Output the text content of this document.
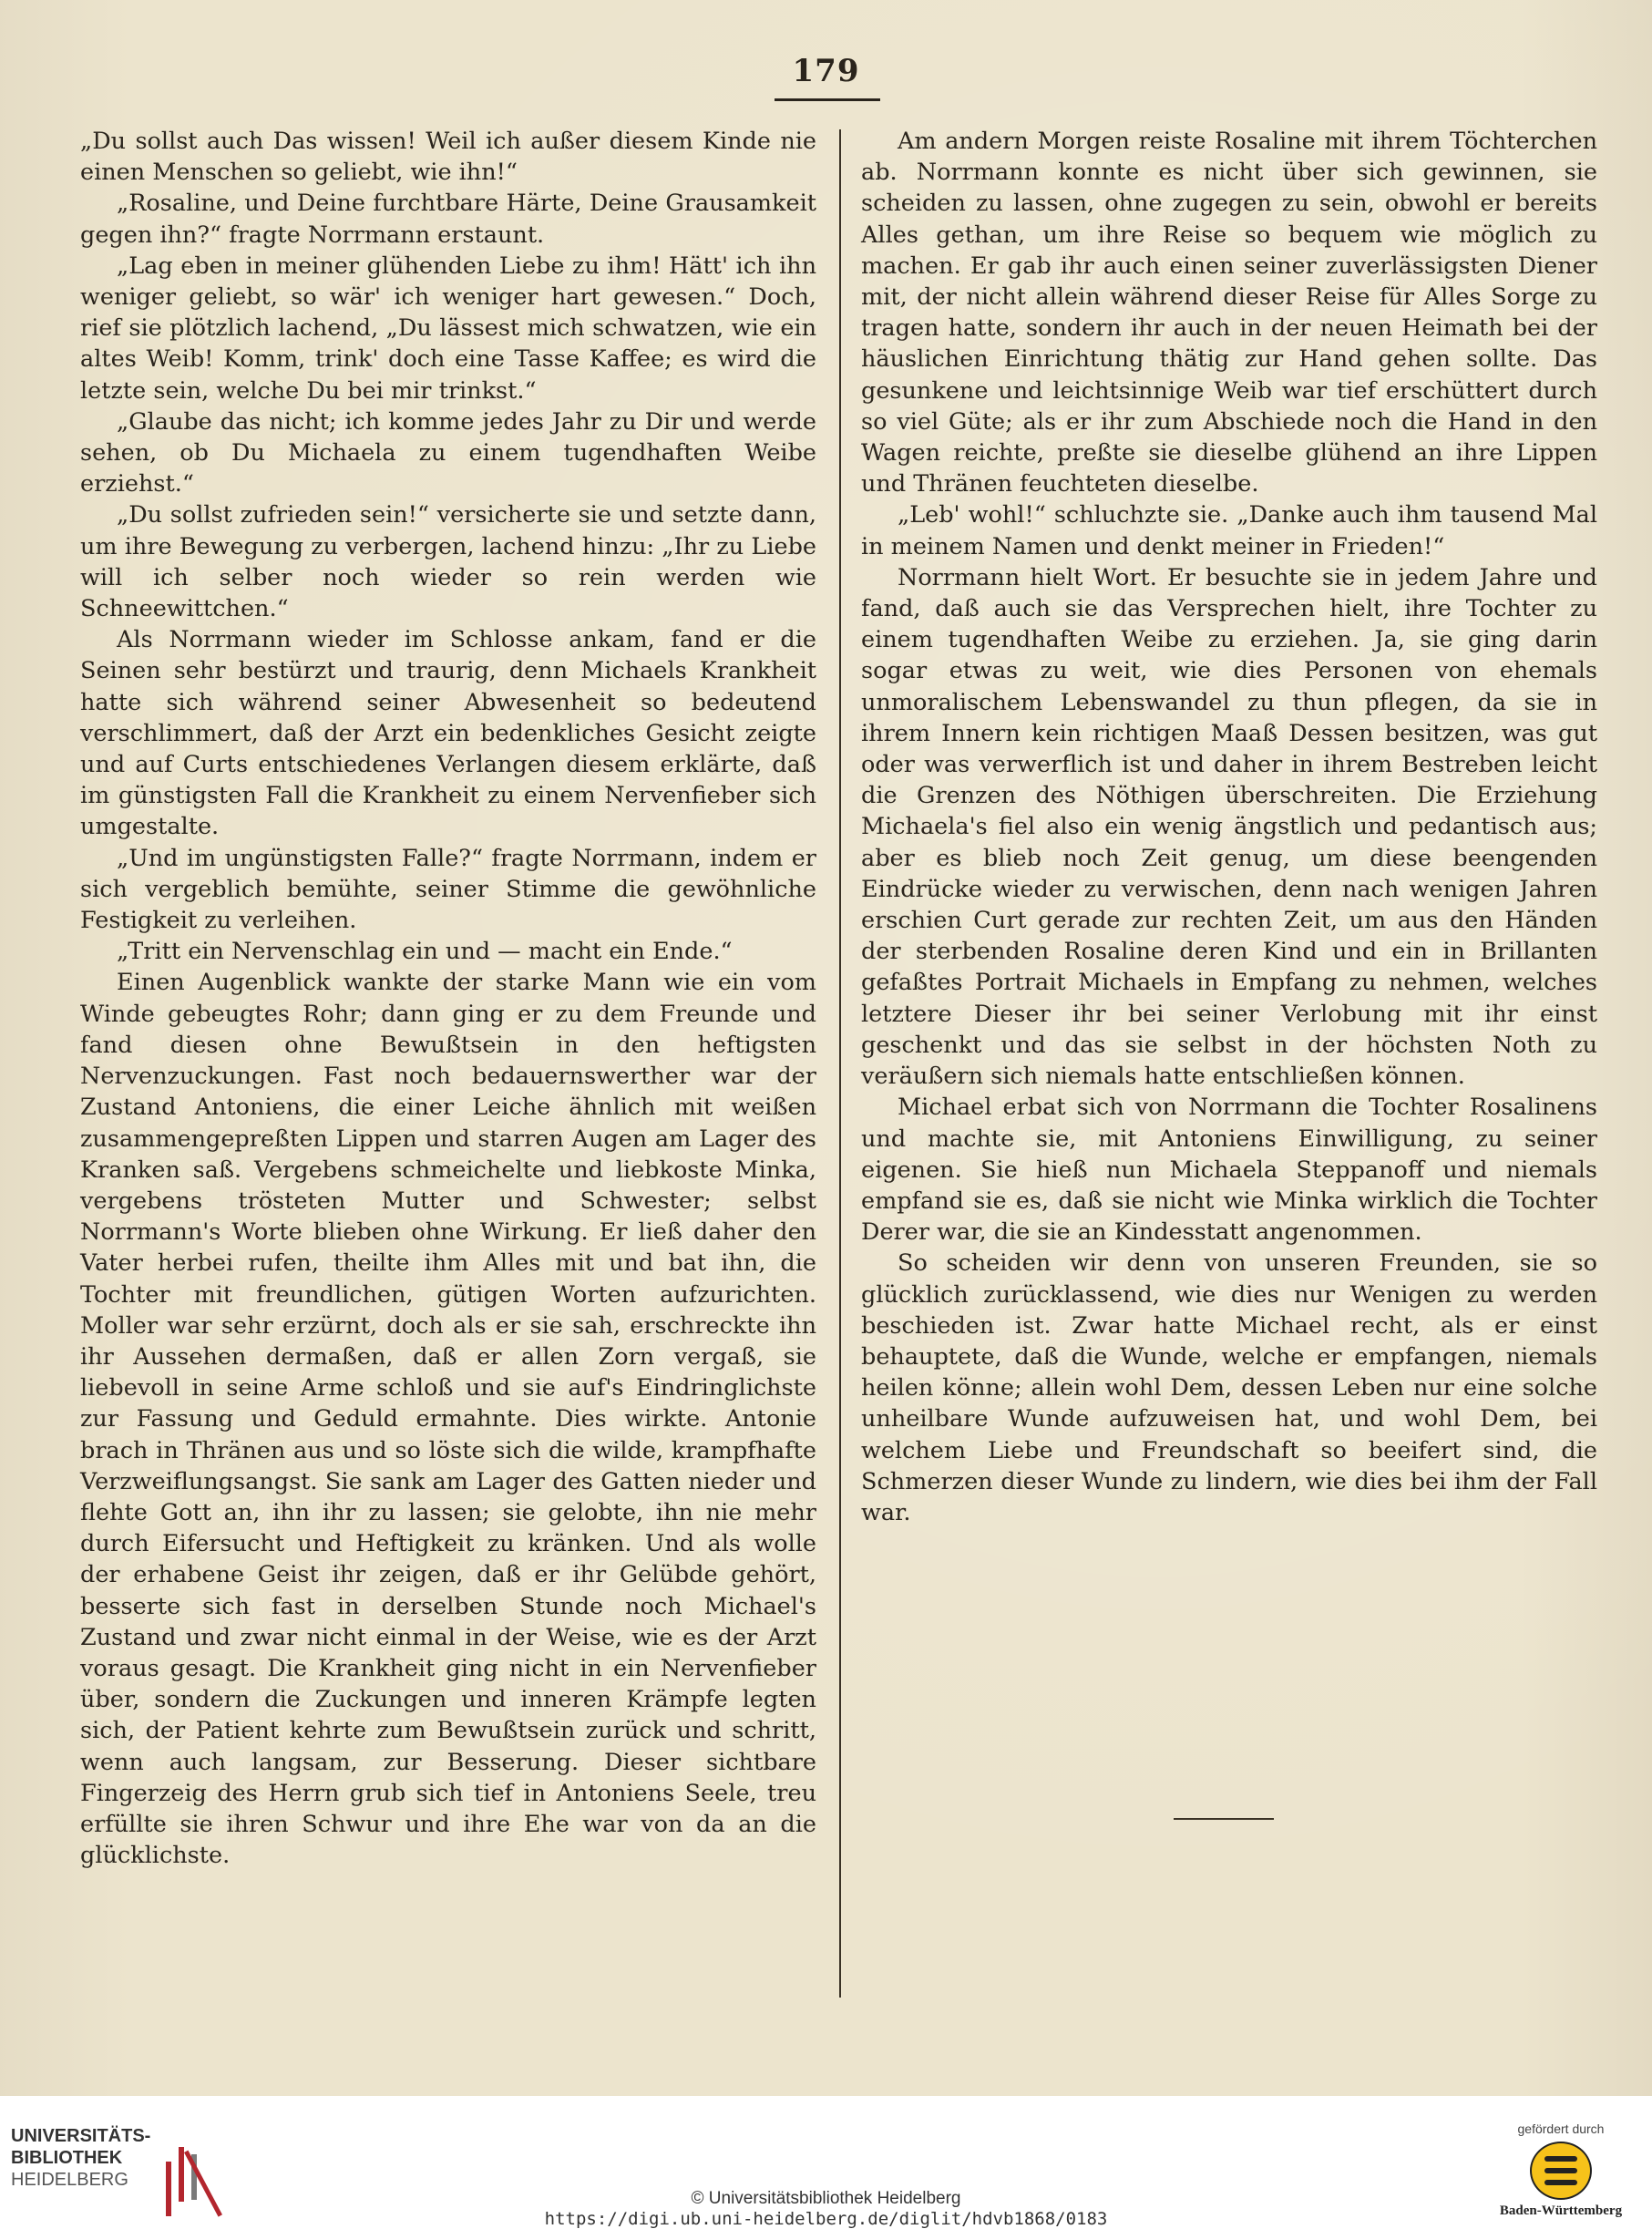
179

„Du sollst auch Das wissen! Weil ich außer diesem Kinde nie einen Menschen so geliebt, wie ihn!“

„Rosaline, und Deine furchtbare Härte, Deine Grausamkeit gegen ihn?“ fragte Norrmann erstaunt.

„Lag eben in meiner glühenden Liebe zu ihm! Hätt' ich ihn weniger geliebt, so wär' ich weniger hart gewesen.“ Doch, rief sie plötzlich lachend, „Du lässest mich schwatzen, wie ein altes Weib! Komm, trink' doch eine Tasse Kaffee; es wird die letzte sein, welche Du bei mir trinkst.“

„Glaube das nicht; ich komme jedes Jahr zu Dir und werde sehen, ob Du Michaela zu einem tugendhaften Weibe erziehst.“

„Du sollst zufrieden sein!“ versicherte sie und setzte dann, um ihre Bewegung zu verbergen, lachend hinzu: „Ihr zu Liebe will ich selber noch wieder so rein werden wie Schneewittchen.“

Als Norrmann wieder im Schlosse ankam, fand er die Seinen sehr bestürzt und traurig, denn Michaels Krankheit hatte sich während seiner Abwesenheit so bedeutend verschlimmert, daß der Arzt ein bedenkliches Gesicht zeigte und auf Curts entschiedenes Verlangen diesem erklärte, daß im günstigsten Fall die Krankheit zu einem Nervenfieber sich umgestalte.

„Und im ungünstigsten Falle?“ fragte Norrmann, indem er sich vergeblich bemühte, seiner Stimme die gewöhnliche Festigkeit zu verleihen.

„Tritt ein Nervenschlag ein und — macht ein Ende.“

Einen Augenblick wankte der starke Mann wie ein vom Winde gebeugtes Rohr; dann ging er zu dem Freunde und fand diesen ohne Bewußtsein in den heftigsten Nervenzuckungen. Fast noch bedauernswerther war der Zustand Antoniens, die einer Leiche ähnlich mit weißen zusammengepreßten Lippen und starren Augen am Lager des Kranken saß. Vergebens schmeichelte und liebkoste Minka, vergebens trösteten Mutter und Schwester; selbst Norrmann's Worte blieben ohne Wirkung. Er ließ daher den Vater herbei rufen, theilte ihm Alles mit und bat ihn, die Tochter mit freundlichen, gütigen Worten aufzurichten. Moller war sehr erzürnt, doch als er sie sah, erschreckte ihn ihr Aussehen dermaßen, daß er allen Zorn vergaß, sie liebevoll in seine Arme schloß und sie auf's Eindringlichste zur Fassung und Geduld ermahnte. Dies wirkte. Antonie brach in Thränen aus und so löste sich die wilde, krampfhafte Verzweiflungsangst. Sie sank am Lager des Gatten nieder und flehte Gott an, ihn ihr zu lassen; sie gelobte, ihn nie mehr durch Eifersucht und Heftigkeit zu kränken. Und als wolle der erhabene Geist ihr zeigen, daß er ihr Gelübde gehört, besserte sich fast in derselben Stunde noch Michael's Zustand und zwar nicht einmal in der Weise, wie es der Arzt voraus gesagt. Die Krankheit ging nicht in ein Nervenfieber über, sondern die Zuckungen und inneren Krämpfe legten sich, der Patient kehrte zum Bewußtsein zurück und schritt, wenn auch langsam, zur Besserung. Dieser sichtbare Fingerzeig des Herrn grub sich tief in Antoniens Seele, treu erfüllte sie ihren Schwur und ihre Ehe war von da an die glücklichste.

Am andern Morgen reiste Rosaline mit ihrem Töchterchen ab. Norrmann konnte es nicht über sich gewinnen, sie scheiden zu lassen, ohne zugegen zu sein, obwohl er bereits Alles gethan, um ihre Reise so bequem wie möglich zu machen. Er gab ihr auch einen seiner zuverlässigsten Diener mit, der nicht allein während dieser Reise für Alles Sorge zu tragen hatte, sondern ihr auch in der neuen Heimath bei der häuslichen Einrichtung thätig zur Hand gehen sollte. Das gesunkene und leichtsinnige Weib war tief erschüttert durch so viel Güte; als er ihr zum Abschiede noch die Hand in den Wagen reichte, preßte sie dieselbe glühend an ihre Lippen und Thränen feuchteten dieselbe.

„Leb' wohl!“ schluchzte sie. „Danke auch ihm tausend Mal in meinem Namen und denkt meiner in Frieden!“

Norrmann hielt Wort. Er besuchte sie in jedem Jahre und fand, daß auch sie das Versprechen hielt, ihre Tochter zu einem tugendhaften Weibe zu erziehen. Ja, sie ging darin sogar etwas zu weit, wie dies Personen von ehemals unmoralischem Lebenswandel zu thun pflegen, da sie in ihrem Innern kein richtigen Maaß Dessen besitzen, was gut oder was verwerflich ist und daher in ihrem Bestreben leicht die Grenzen des Nöthigen überschreiten. Die Erziehung Michaela's fiel also ein wenig ängstlich und pedantisch aus; aber es blieb noch Zeit genug, um diese beengenden Eindrücke wieder zu verwischen, denn nach wenigen Jahren erschien Curt gerade zur rechten Zeit, um aus den Händen der sterbenden Rosaline deren Kind und ein in Brillanten gefaßtes Portrait Michaels in Empfang zu nehmen, welches letztere Dieser ihr bei seiner Verlobung mit ihr einst geschenkt und das sie selbst in der höchsten Noth zu veräußern sich niemals hatte entschließen können.

Michael erbat sich von Norrmann die Tochter Rosalinens und machte sie, mit Antoniens Einwilligung, zu seiner eigenen. Sie hieß nun Michaela Steppanoff und niemals empfand sie es, daß sie nicht wie Minka wirklich die Tochter Derer war, die sie an Kindesstatt angenommen.

So scheiden wir denn von unseren Freunden, sie so glücklich zurücklassend, wie dies nur Wenigen zu werden beschieden ist. Zwar hatte Michael recht, als er einst behauptete, daß die Wunde, welche er empfangen, niemals heilen könne; allein wohl Dem, dessen Leben nur eine solche unheilbare Wunde aufzuweisen hat, und wohl Dem, bei welchem Liebe und Freundschaft so beeifert sind, die Schmerzen dieser Wunde zu lindern, wie dies bei ihm der Fall war.

UNIVERSITÄTS-
BIBLIOTHEK
HEIDELBERG
© Universitätsbibliothek Heidelberg
https://digi.ub.uni-heidelberg.de/diglit/hdvb1868/0183
gefördert durch
Baden-Württemberg
